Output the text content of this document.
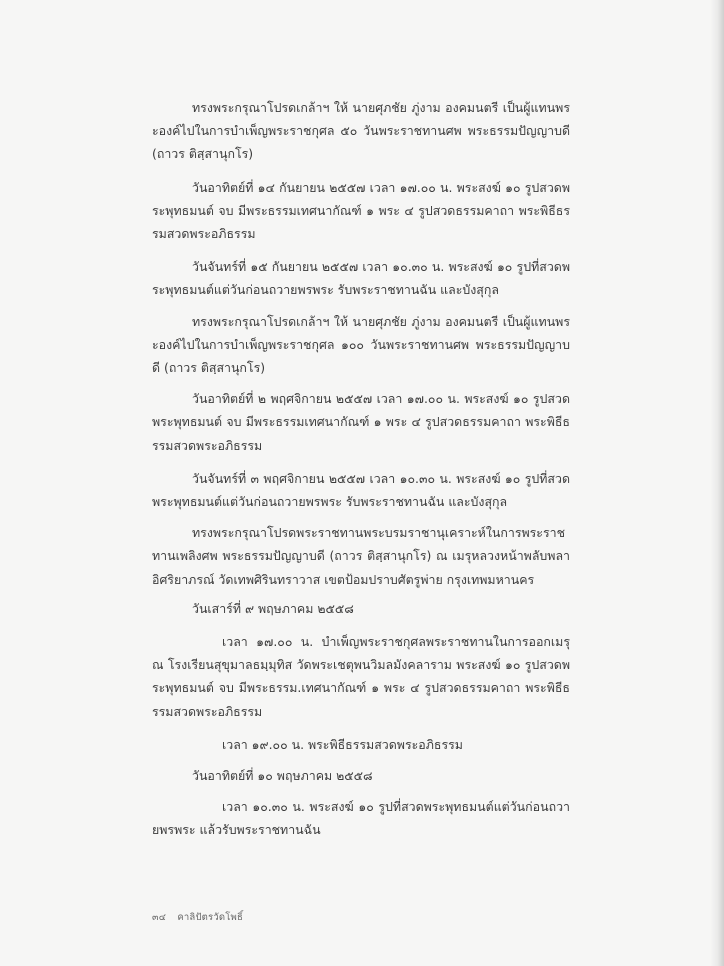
ทรงพระกรุณาโปรดเกล้าฯ ให้ นายศุภชัย ภู่งาม องคมนตรี เป็นผู้แทนพระองค์ไปในการบำเพ็ญพระราชกุศล ๕๐ วันพระราชทานศพ พระธรรมปัญญาบดี (ถาวร ติสฺสานุกโร)

วันอาทิตย์ที่ ๑๔ กันยายน ๒๕๕๗ เวลา ๑๗.๐๐ น. พระสงฆ์ ๑๐ รูปสวดพระพุทธมนต์ จบ มีพระธรรมเทศนากัณฑ์ ๑ พระ ๔ รูปสวดธรรมคาถา พระพิธีธรรมสวดพระอภิธรรม

วันจันทร์ที่ ๑๕ กันยายน ๒๕๕๗ เวลา ๑๐.๓๐ น. พระสงฆ์ ๑๐ รูปที่สวดพระพุทธมนต์แต่วันก่อนถวายพรพระ รับพระราชทานฉัน และบังสุกุล

ทรงพระกรุณาโปรดเกล้าฯ ให้ นายศุภชัย ภู่งาม องคมนตรี เป็นผู้แทนพระองค์ไปในการบำเพ็ญพระราชกุศล ๑๐๐ วันพระราชทานศพ พระธรรมปัญญาบดี (ถาวร ติสฺสานุกโร)

วันอาทิตย์ที่ ๒ พฤศจิกายน ๒๕๕๗ เวลา ๑๗.๐๐ น. พระสงฆ์ ๑๐ รูปสวดพระพุทธมนต์ จบ มีพระธรรมเทศนากัณฑ์ ๑ พระ ๔ รูปสวดธรรมคาถา พระพิธีธรรมสวดพระอภิธรรม

วันจันทร์ที่ ๓ พฤศจิกายน ๒๕๕๗ เวลา ๑๐.๓๐ น. พระสงฆ์ ๑๐ รูปที่สวดพระพุทธมนต์แต่วันก่อนถวายพรพระ รับพระราชทานฉัน และบังสุกุล

ทรงพระกรุณาโปรดพระราชทานพระบรมราชานุเคราะห์ในการพระราชทานเพลิงศพ พระธรรมปัญญาบดี (ถาวร ติสฺสานุกโร) ณ เมรุหลวงหน้าพลับพลาอิศริยาภรณ์ วัดเทพศิรินทราวาส เขตป้อมปราบศัตรูพ่าย กรุงเทพมหานคร

วันเสาร์ที่ ๙ พฤษภาคม ๒๕๕๘

เวลา ๑๗.๐๐ น. บำเพ็ญพระราชกุศลพระราชทานในการออกเมรุ ณ โรงเรียนสุขุมาลธมฺมุทิส วัดพระเชตุพนวิมลมังคลาราม พระสงฆ์ ๑๐ รูปสวดพระพุทธมนต์ จบ มีพระธรรม.เทศนากัณฑ์ ๑ พระ ๔ รูปสวดธรรมคาถา พระพิธีธรรมสวดพระอภิธรรม

เวลา ๑๙.๐๐ น. พระพิธีธรรมสวดพระอภิธรรม

วันอาทิตย์ที่ ๑๐ พฤษภาคม ๒๕๕๘

เวลา ๑๐.๓๐ น. พระสงฆ์ ๑๐ รูปที่สวดพระพุทธมนต์แต่วันก่อนถวายพรพระ แล้วรับพระราชทานฉัน

๓๔ คาลิปัตรวัดโพธิ์
